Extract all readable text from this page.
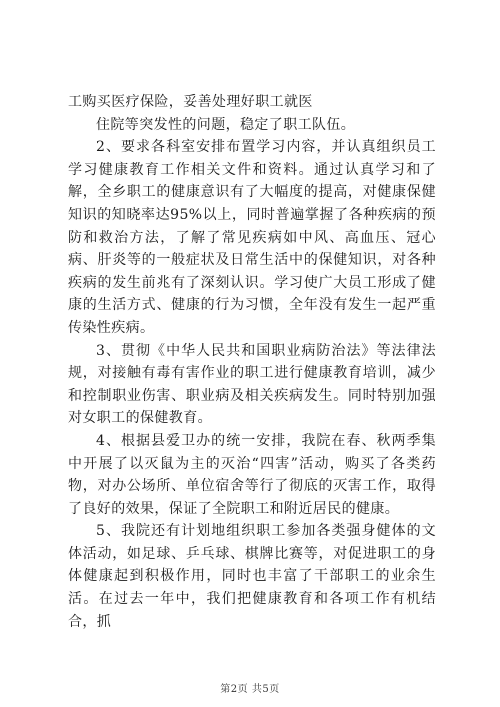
工购买医疗保险，妥善处理好职工就医

住院等突发性的问题，稳定了职工队伍。

2、要求各科室安排布置学习内容，并认真组织员工学习健康教育工作相关文件和资料。通过认真学习和了解，全乡职工的健康意识有了大幅度的提高，对健康保健知识的知晓率达95%以上，同时普遍掌握了各种疾病的预防和救治方法，了解了常见疾病如中风、高血压、冠心病、肝炎等的一般症状及日常生活中的保健知识，对各种疾病的发生前兆有了深刻认识。学习使广大员工形成了健康的生活方式、健康的行为习惯，全年没有发生一起严重传染性疾病。

3、贯彻《中华人民共和国职业病防治法》等法律法规，对接触有毒有害作业的职工进行健康教育培训，减少和控制职业伤害、职业病及相关疾病发生。同时特别加强对女职工的保健教育。

4、根据县爱卫办的统一安排，我院在春、秋两季集中开展了以灭鼠为主的灭治“四害”活动，购买了各类药物，对办公场所、单位宿舍等行了彻底的灭害工作，取得了良好的效果，保证了全院职工和附近居民的健康。

5、我院还有计划地组织职工参加各类强身健体的文体活动，如足球、乒乓球、棋牌比赛等，对促进职工的身体健康起到积极作用，同时也丰富了干部职工的业余生活。在过去一年中，我们把健康教育和各项工作有机结合，抓

第2页 共5页
